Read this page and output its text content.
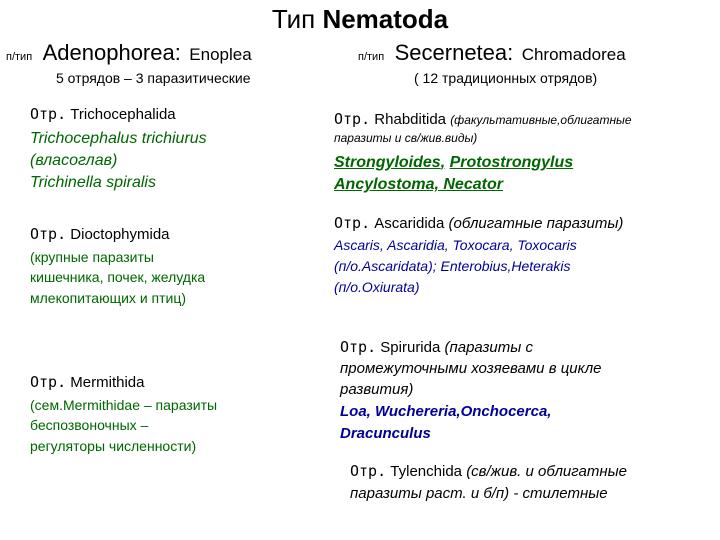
Тип Nematoda
п/тип Adenophorea: Enoplea
5 отрядов – 3 паразитические
п/тип Secernetea: Chromadorea
( 12 традиционных отрядов)
Отр. Trichocephalida
Trichocephalus trichiurus
(власоглав)
Trichinella spiralis
Отр. Dioctophymida
(крупные паразиты
кишечника, почек, желудка
млекопитающих и птиц)
Отр. Mermithida
(сем.Mermithidae – паразиты
беспозвоночных –
регуляторы численности)
Отр. Rhabditida (факультативные,облигатные
паразиты и св/жив.виды)
Strongyloides, Protostrongylus
Ancylostoma, Necator
Отр. Ascaridida (облигатные паразиты)
Ascaris, Ascaridia, Toxocara, Toxocaris
(п/о.Ascaridata); Enterobius,Heterakis
(п/о.Oxiurata)
Отр. Spirurida (паразиты с
промежуточными хозяевами в цикле
развития)
Loa, Wuchereria,Onchocerca,
Dracunculus
Отр. Tylenchida (св/жив. и облигатные
паразиты раст. и б/п) - стилетные
